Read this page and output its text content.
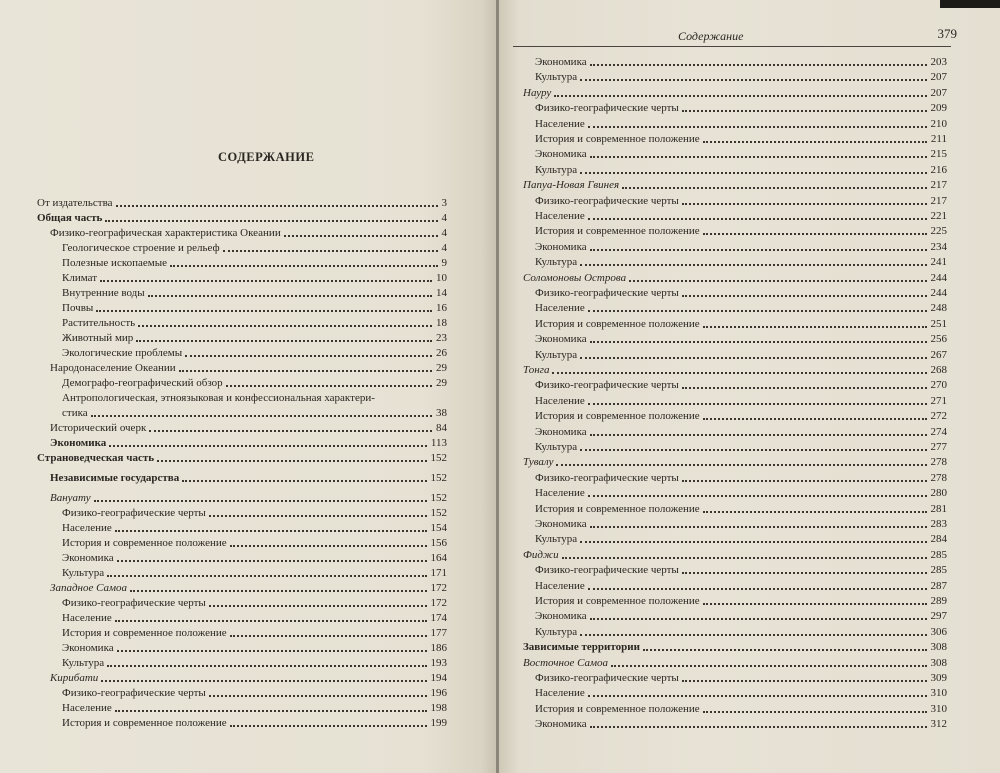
СОДЕРЖАНИЕ
От издательства	3
Общая часть	4
Физико-географическая характеристика Океании	4
Геологическое строение и рельеф	4
Полезные ископаемые	9
Климат	10
Внутренние воды	14
Почвы	16
Растительность	18
Животный мир	23
Экологические проблемы	26
Народонаселение Океании	29
Демографо-географический обзор	29
Антропологическая, этноязыковая и конфессиональная характери-
стика	38
Исторический очерк	84
Экономика	113
Страноведческая часть	152
Независимые государства	152
Вануату	152
Физико-географические черты	152
Население	154
История и современное положение	156
Экономика	164
Культура	171
Западное Самоа	172
Физико-географические черты	172
Население	174
История и современное положение	177
Экономика	186
Культура	193
Кирибати	194
Физико-географические черты	196
Население	198
История и современное положение	199
Содержание	379
Экономика	203
Культура	207
Науру	207
Физико-географические черты	209
Население	210
История и современное положение	211
Экономика	215
Культура	216
Папуа-Новая Гвинея	217
Физико-географические черты	217
Население	221
История и современное положение	225
Экономика	234
Культура	241
Соломоновы Острова	244
Физико-географические черты	244
Население	248
История и современное положение	251
Экономика	256
Культура	267
Тонга	268
Физико-географические черты	270
Население	271
История и современное положение	272
Экономика	274
Культура	277
Тувалу	278
Физико-географические черты	278
Население	280
История и современное положение	281
Экономика	283
Культура	284
Фиджи	285
Физико-географические черты	285
Население	287
История и современное положение	289
Экономика	297
Культура	306
Зависимые территории	308
Восточное Самоа	308
Физико-географические черты	309
Население	310
История и современное положение	310
Экономика	312
